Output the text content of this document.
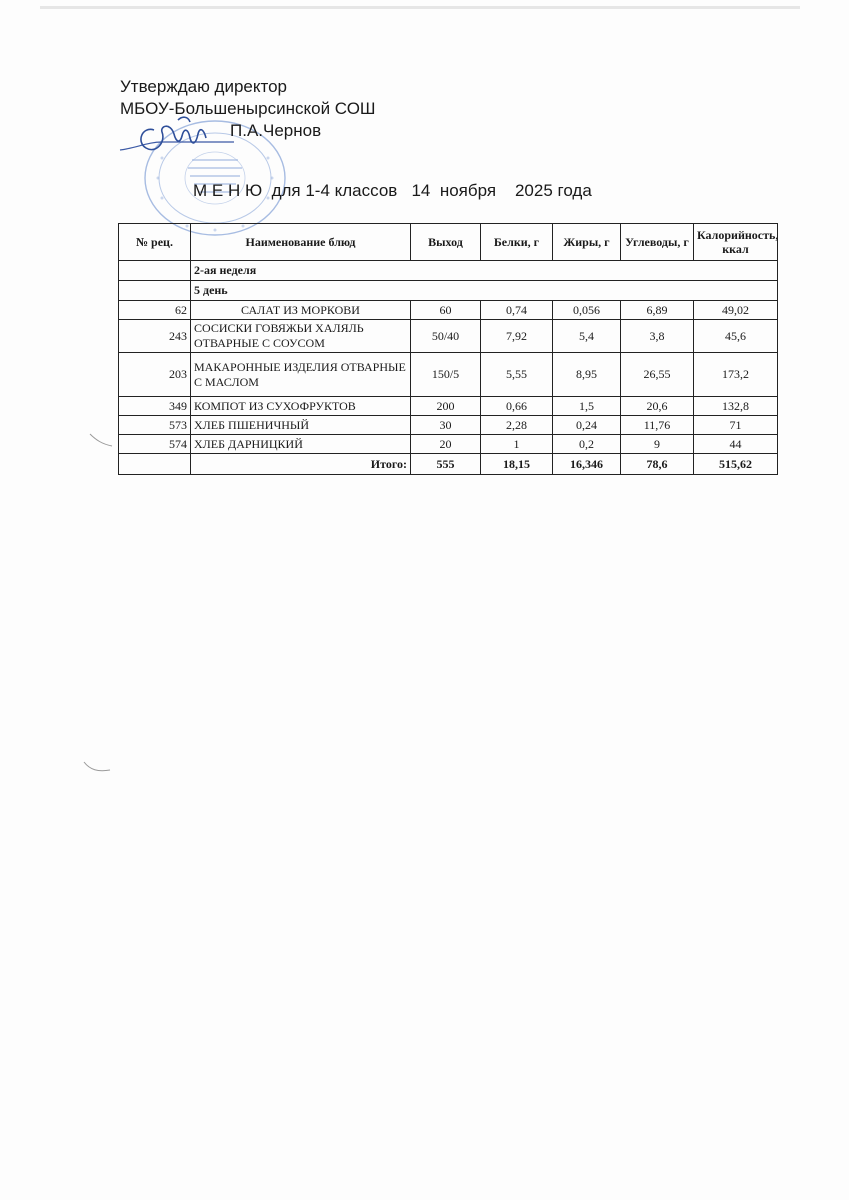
Утверждаю директор
МБОУ-Большенырсинской СОШ
П.А.Чернов
М Е Н Ю  для 1-4 классов   14  ноября    2025 года
№ рец.	Наименование блюд	Выход	Белки, г	Жиры, г	Углеводы, г	Калорийность, ккал
	2-ая неделя					
	5 день					
62	САЛАТ ИЗ МОРКОВИ	60	0,74	0,056	6,89	49,02
243	СОСИСКИ ГОВЯЖЬИ ХАЛЯЛЬ ОТВАРНЫЕ С СОУСОМ	50/40	7,92	5,4	3,8	45,6
203	МАКАРОННЫЕ ИЗДЕЛИЯ ОТВАРНЫЕ С МАСЛОМ	150/5	5,55	8,95	26,55	173,2
349	КОМПОТ ИЗ СУХОФРУКТОВ	200	0,66	1,5	20,6	132,8
573	ХЛЕБ ПШЕНИЧНЫЙ	30	2,28	0,24	11,76	71
574	ХЛЕБ ДАРНИЦКИЙ	20	1	0,2	9	44
	Итого:	555	18,15	16,346	78,6	515,62
